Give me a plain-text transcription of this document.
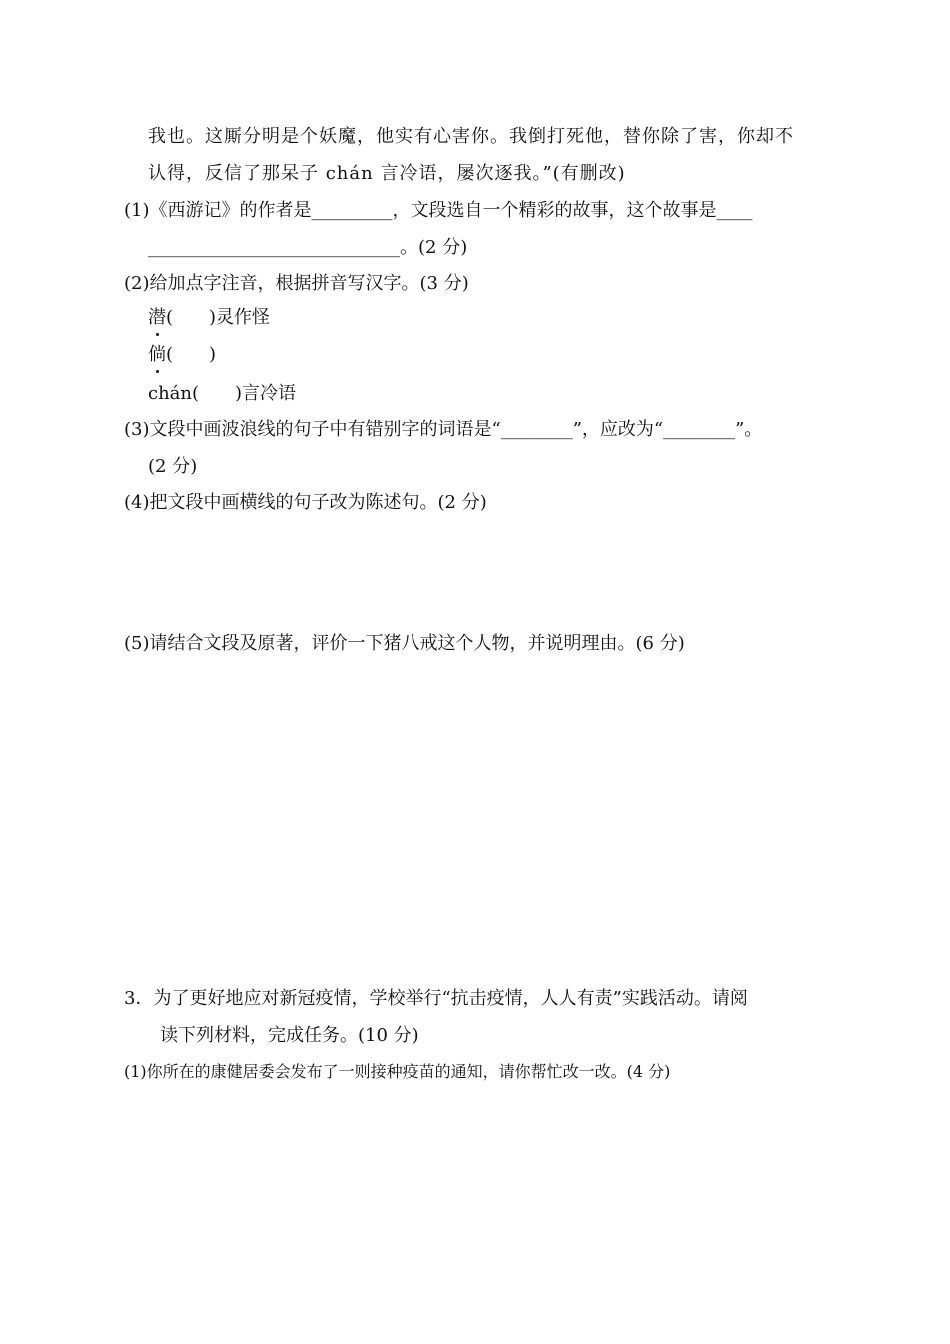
我也。这厮分明是个妖魔，他实有心害你。我倒打死他，替你除了害，你却不
认得，反信了那呆子 chán 言冷语，屡次逐我。”(有删改)
(1)《西游记》的作者是_________，文段选自一个精彩的故事，这个故事是____
____________________________。(2 分)
(2)给加点字注音，根据拼音写汉字。(3 分)
潜(　　)灵作怪
倘(　　)
chán(　　)言冷语
(3)文段中画波浪线的句子中有错别字的词语是“________”，应改为“________”。
(2 分)
(4)把文段中画横线的句子改为陈述句。(2 分)
(5)请结合文段及原著，评价一下猪八戒这个人物，并说明理由。(6 分)
3．为了更好地应对新冠疫情，学校举行“抗击疫情，人人有责”实践活动。请阅
读下列材料，完成任务。(10 分)
(1)你所在的康健居委会发布了一则接种疫苗的通知，请你帮忙改一改。(4 分)
